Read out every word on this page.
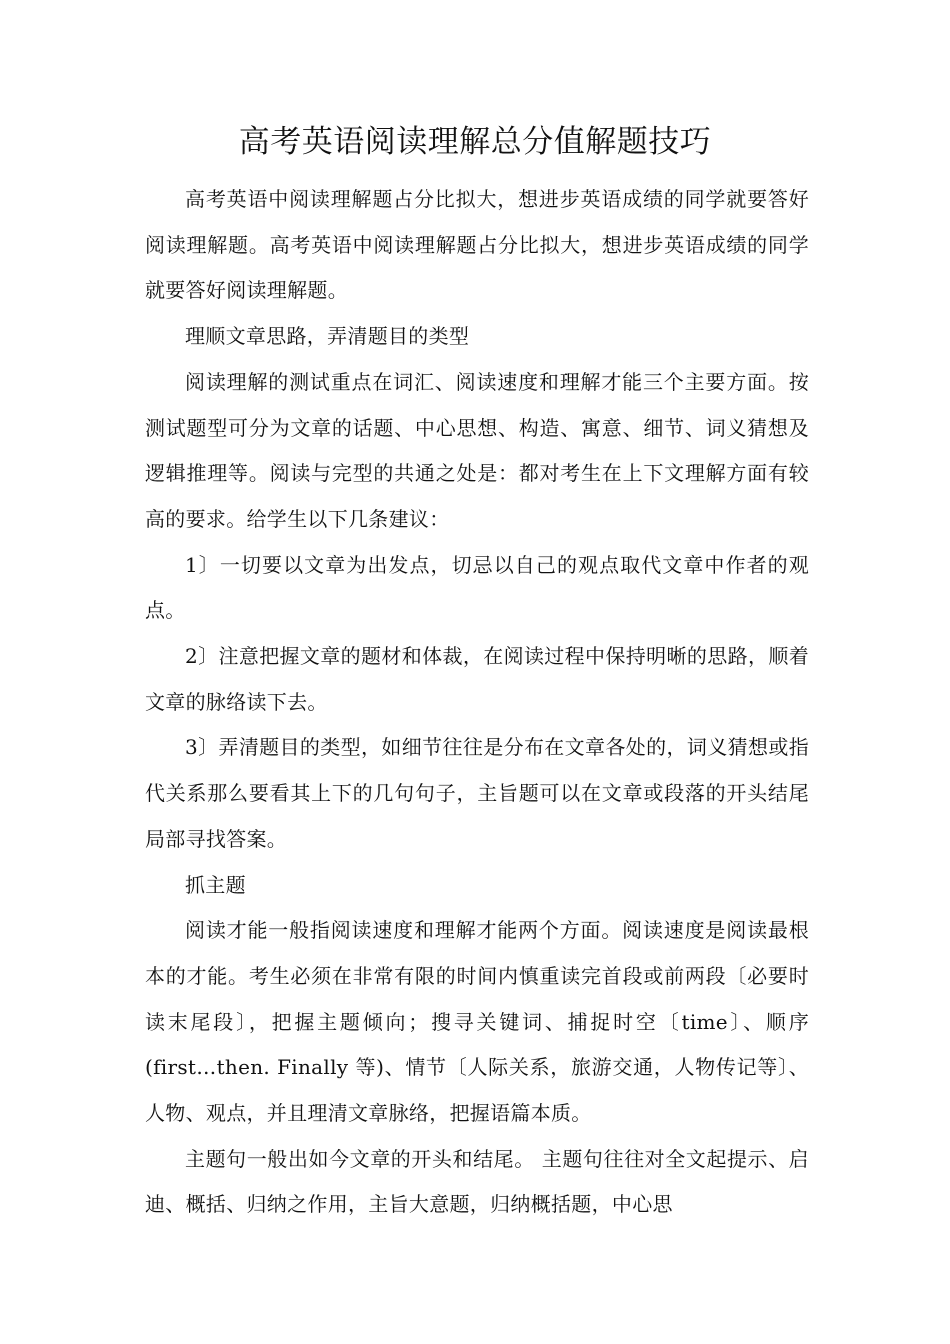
高考英语阅读理解总分值解题技巧

高考英语中阅读理解题占分比拟大，想进步英语成绩的同学就要答好阅读理解题。高考英语中阅读理解题占分比拟大，想进步英语成绩的同学就要答好阅读理解题。

理顺文章思路，弄清题目的类型

阅读理解的测试重点在词汇、阅读速度和理解才能三个主要方面。按测试题型可分为文章的话题、中心思想、构造、寓意、细节、词义猜想及逻辑推理等。阅读与完型的共通之处是：都对考生在上下文理解方面有较高的要求。给学生以下几条建议：

1〕一切要以文章为出发点，切忌以自己的观点取代文章中作者的观点。

2〕注意把握文章的题材和体裁，在阅读过程中保持明晰的思路，顺着文章的脉络读下去。

3〕弄清题目的类型，如细节往往是分布在文章各处的，词义猜想或指代关系那么要看其上下的几句句子，主旨题可以在文章或段落的开头结尾局部寻找答案。

抓主题

阅读才能一般指阅读速度和理解才能两个方面。阅读速度是阅读最根本的才能。考生必须在非常有限的时间内慎重读完首段或前两段〔必要时读末尾段〕，把握主题倾向；搜寻关键词、捕捉时空〔time〕、顺序(first…then. Finally 等)、情节〔人际关系，旅游交通，人物传记等〕、人物、观点，并且理清文章脉络，把握语篇本质。

主题句一般出如今文章的开头和结尾。 主题句往往对全文起提示、启迪、概括、归纳之作用，主旨大意题，归纳概括题，中心思
